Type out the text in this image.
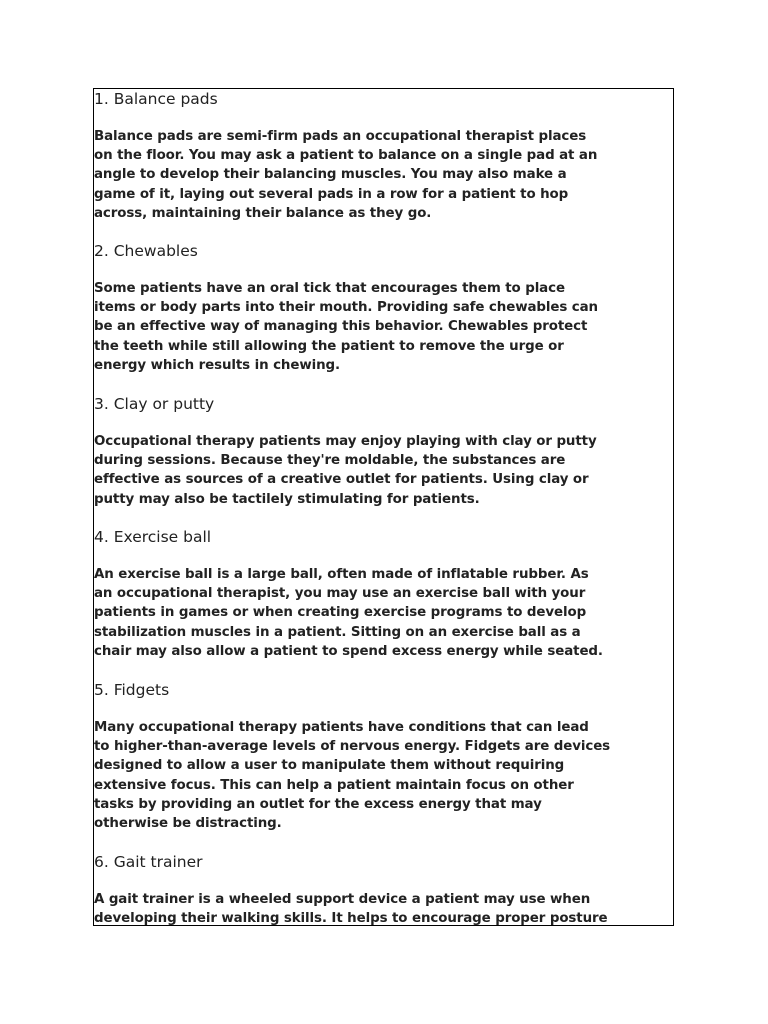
1. Balance pads

Balance pads are semi-firm pads an occupational therapist places
on the floor. You may ask a patient to balance on a single pad at an
angle to develop their balancing muscles. You may also make a
game of it, laying out several pads in a row for a patient to hop
across, maintaining their balance as they go.

2. Chewables

Some patients have an oral tick that encourages them to place
items or body parts into their mouth. Providing safe chewables can
be an effective way of managing this behavior. Chewables protect
the teeth while still allowing the patient to remove the urge or
energy which results in chewing.

3. Clay or putty

Occupational therapy patients may enjoy playing with clay or putty
during sessions. Because they're moldable, the substances are
effective as sources of a creative outlet for patients. Using clay or
putty may also be tactilely stimulating for patients.

4. Exercise ball

An exercise ball is a large ball, often made of inflatable rubber. As
an occupational therapist, you may use an exercise ball with your
patients in games or when creating exercise programs to develop
stabilization muscles in a patient. Sitting on an exercise ball as a
chair may also allow a patient to spend excess energy while seated.

5. Fidgets

Many occupational therapy patients have conditions that can lead
to higher-than-average levels of nervous energy. Fidgets are devices
designed to allow a user to manipulate them without requiring
extensive focus. This can help a patient maintain focus on other
tasks by providing an outlet for the excess energy that may
otherwise be distracting.

6. Gait trainer

A gait trainer is a wheeled support device a patient may use when
developing their walking skills. It helps to encourage proper posture
